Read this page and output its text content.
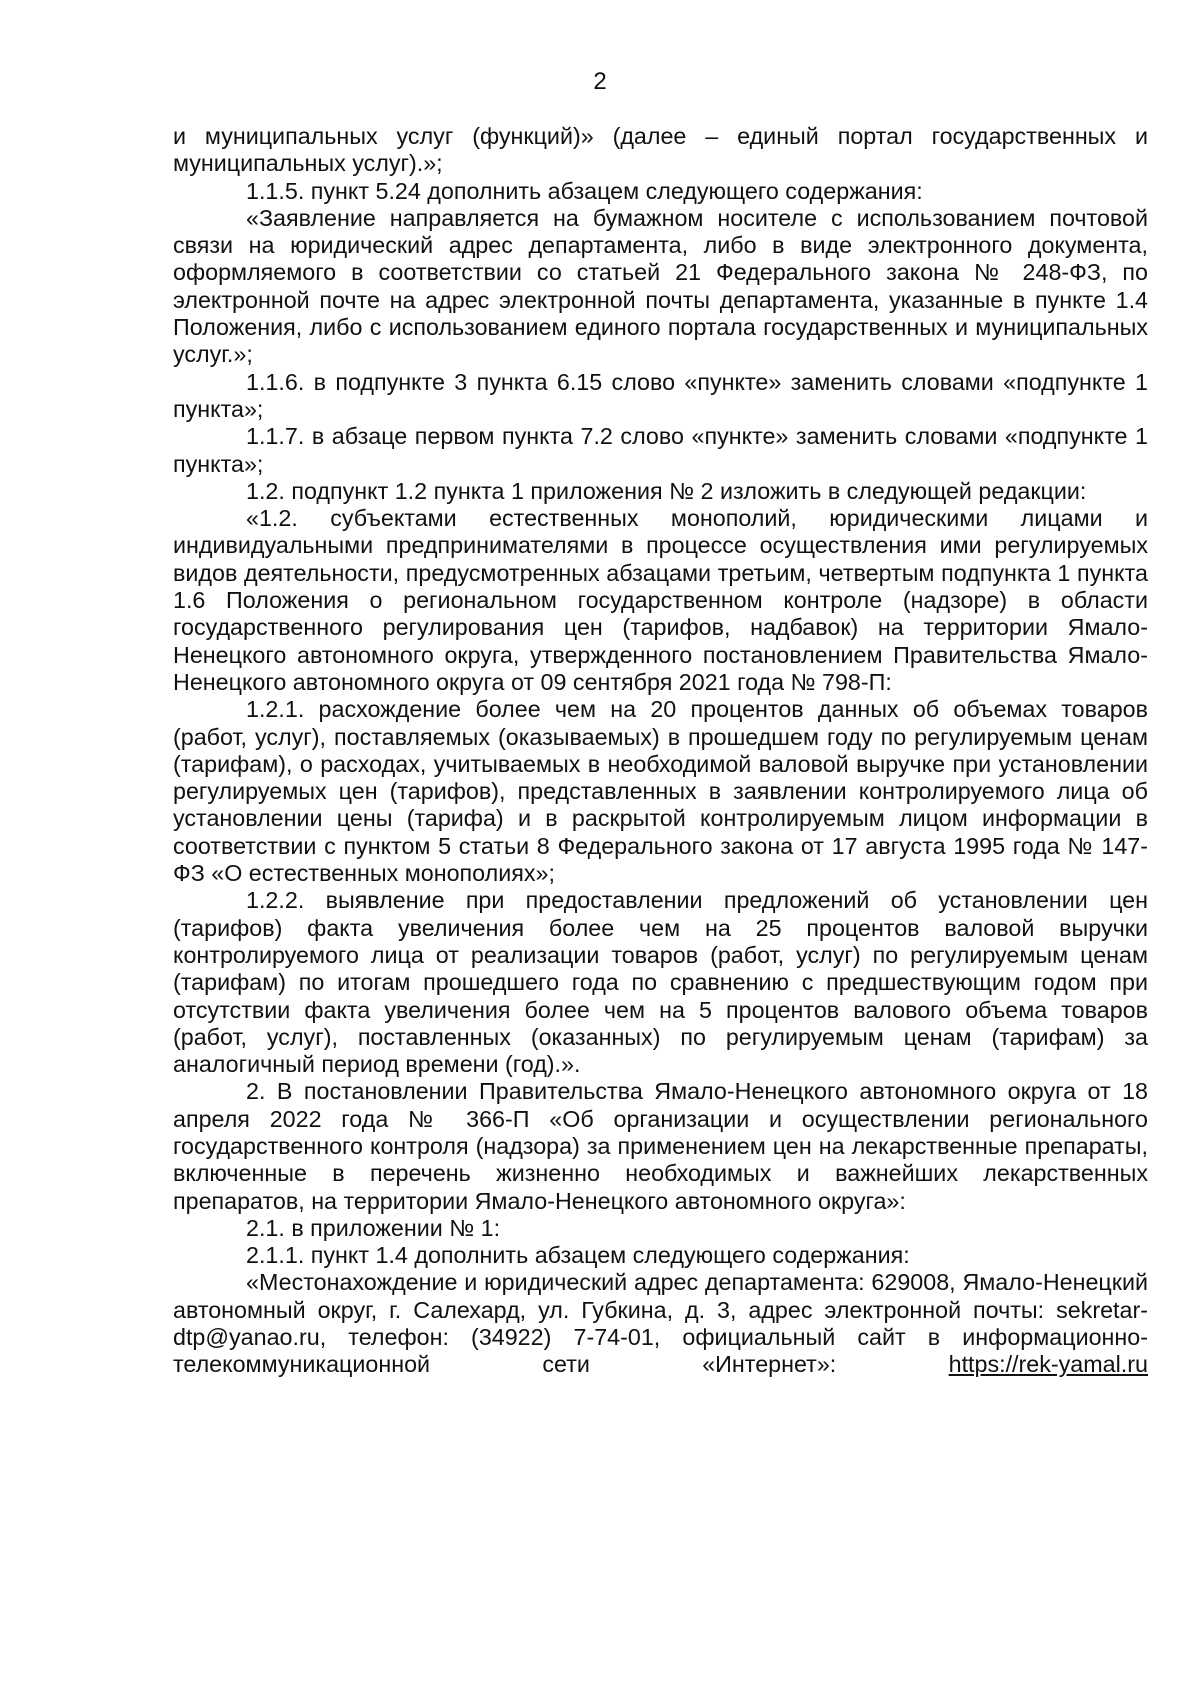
2

и муниципальных услуг (функций)» (далее – единый портал государственных и муниципальных услуг).»;

1.1.5. пункт 5.24 дополнить абзацем следующего содержания:

«Заявление направляется на бумажном носителе с использованием почтовой связи на юридический адрес департамента, либо в виде электронного документа, оформляемого в соответствии со статьей 21 Федерального закона № 248-ФЗ, по электронной почте на адрес электронной почты департамента, указанные в пункте 1.4 Положения, либо с использованием единого портала государственных и муниципальных услуг.»;

1.1.6. в подпункте 3 пункта 6.15 слово «пункте» заменить словами «подпункте 1 пункта»;

1.1.7. в абзаце первом пункта 7.2 слово «пункте» заменить словами «подпункте 1 пункта»;

1.2. подпункт 1.2 пункта 1 приложения № 2 изложить в следующей редакции:

«1.2. субъектами естественных монополий, юридическими лицами и индивидуальными предпринимателями в процессе осуществления ими регулируемых видов деятельности, предусмотренных абзацами третьим, четвертым подпункта 1 пункта 1.6 Положения о региональном государственном контроле (надзоре) в области государственного регулирования цен (тарифов, надбавок) на территории Ямало-Ненецкого автономного округа, утвержденного постановлением Правительства Ямало-Ненецкого автономного округа от 09 сентября 2021 года № 798-П:

1.2.1. расхождение более чем на 20 процентов данных об объемах товаров (работ, услуг), поставляемых (оказываемых) в прошедшем году по регулируемым ценам (тарифам), о расходах, учитываемых в необходимой валовой выручке при установлении регулируемых цен (тарифов), представленных в заявлении контролируемого лица об установлении цены (тарифа) и в раскрытой контролируемым лицом информации в соответствии с пунктом 5 статьи 8 Федерального закона от 17 августа 1995 года № 147-ФЗ «О естественных монополиях»;

1.2.2. выявление при предоставлении предложений об установлении цен (тарифов) факта увеличения более чем на 25 процентов валовой выручки контролируемого лица от реализации товаров (работ, услуг) по регулируемым ценам (тарифам) по итогам прошедшего года по сравнению с предшествующим годом при отсутствии факта увеличения более чем на 5 процентов валового объема товаров (работ, услуг), поставленных (оказанных) по регулируемым ценам (тарифам) за аналогичный период времени (год).».

2. В постановлении Правительства Ямало-Ненецкого автономного округа от 18 апреля 2022 года № 366-П «Об организации и осуществлении регионального государственного контроля (надзора) за применением цен на лекарственные препараты, включенные в перечень жизненно необходимых и важнейших лекарственных препаратов, на территории Ямало-Ненецкого автономного округа»:

2.1. в приложении № 1:

2.1.1. пункт 1.4 дополнить абзацем следующего содержания:

«Местонахождение и юридический адрес департамента: 629008, Ямало-Ненецкий автономный округ, г. Салехард, ул. Губкина, д. 3, адрес электронной почты: sekretar-dtp@yanao.ru, телефон: (34922) 7-74-01, официальный сайт в информационно-телекоммуникационной сети «Интернет»: https://rek-yamal.ru
